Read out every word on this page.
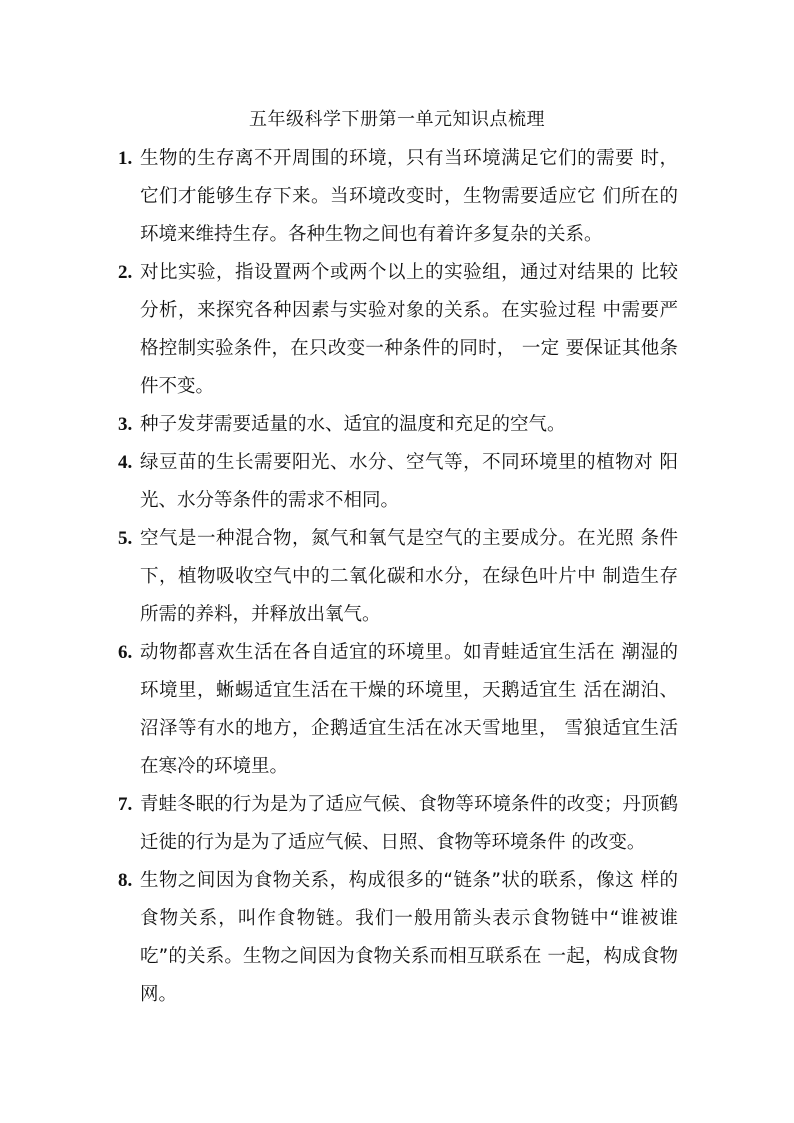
五年级科学下册第一单元知识点梳理

1. 生物的生存离不开周围的环境，只有当环境满足它们的需要 时，它们才能够生存下来。当环境改变时，生物需要适应它 们所在的环境来维持生存。各种生物之间也有着许多复杂的关系。

2. 对比实验，指设置两个或两个以上的实验组，通过对结果的 比较分析，来探究各种因素与实验对象的关系。在实验过程 中需要严格控制实验条件，在只改变一种条件的同时， 一定 要保证其他条件不变。

3. 种子发芽需要适量的水、适宜的温度和充足的空气。

4. 绿豆苗的生长需要阳光、水分、空气等，不同环境里的植物对 阳光、水分等条件的需求不相同。

5. 空气是一种混合物，氮气和氧气是空气的主要成分。在光照 条件下，植物吸收空气中的二氧化碳和水分，在绿色叶片中 制造生存所需的养料，并释放出氧气。

6. 动物都喜欢生活在各自适宜的环境里。如青蛙适宜生活在 潮湿的环境里，蜥蜴适宜生活在干燥的环境里，天鹅适宜生 活在湖泊、沼泽等有水的地方，企鹅适宜生活在冰天雪地里， 雪狼适宜生活在寒冷的环境里。

7. 青蛙冬眠的行为是为了适应气候、食物等环境条件的改变；丹顶鹤迁徙的行为是为了适应气候、日照、食物等环境条件 的改变。

8. 生物之间因为食物关系，构成很多的“链条”状的联系，像这 样的食物关系，叫作食物链。我们一般用箭头表示食物链中“谁被谁吃”的关系。生物之间因为食物关系而相互联系在 一起，构成食物网。
